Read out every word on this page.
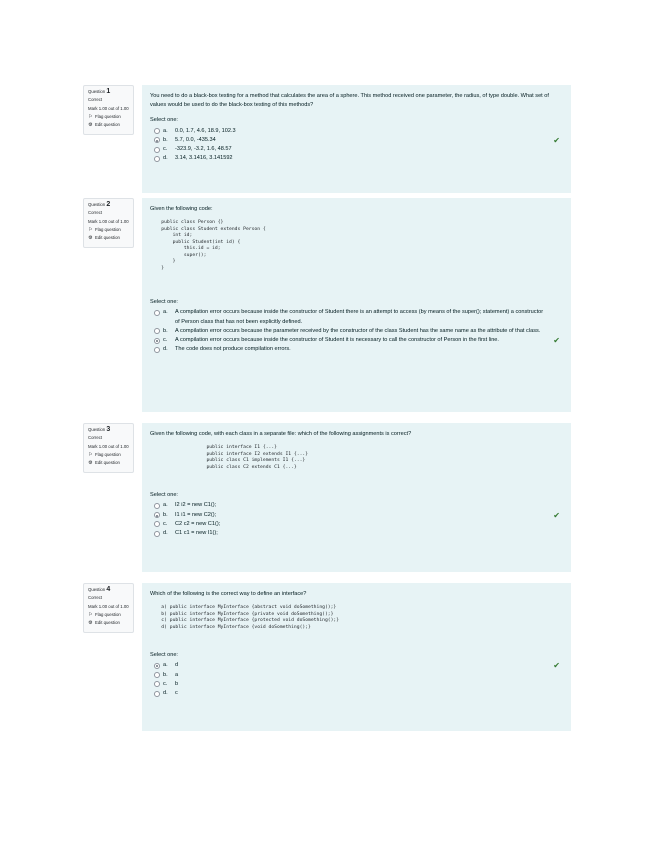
Question 1
Correct
Mark 1.00 out of 1.00
⚐ Flag question
⚙ Edit question
You need to do a black-box testing for a method that calculates the area of a sphere. This method received one parameter, the radius, of type double. What set of values would be used to do the black-box testing of this methods?
Select one:
a.	0.0, 1.7, 4.6, 18.9, 102.3
b.	5.7, 0.0, -435.34	✔
c.	-323.9, -3.2, 1.6, 48.57
d.	3.14, 3.1416, 3.141592
Question 2
Correct
Mark 1.00 out of 1.00
⚐ Flag question
⚙ Edit question
Given the following code:
public class Person {}
public class Student extends Person {
int id;
public Student(int id) {
this.id = id;
super();
}
}
Select one:
a.	A compilation error occurs because inside the constructor of Student there is an attempt to access (by means of the super(); statement) a constructor of Person class that has not been explicitly defined.
b.	A compilation error occurs because the parameter received by the constructor of the class Student has the same name as the attribute of that class.
c.	A compilation error occurs because inside the constructor of Student it is necessary to call the constructor of Person in the first line.	✔
d.	The code does not produce compilation errors.
Question 3
Correct
Mark 1.00 out of 1.00
⚐ Flag question
⚙ Edit question
Given the following code, with each class in a separate file: which of the following assignments is correct?
public interface I1 {...}
public interface I2 extends I1 {...}
public class C1 implements I1 {...}
public class C2 extends C1 {...}
Select one:
a.	I2 i2 = new C1();
b.	I1 i1 = new C2();	✔
c.	C2 c2 = new C1();
d.	C1 c1 = new I1();
Question 4
Correct
Mark 1.00 out of 1.00
⚐ Flag question
⚙ Edit question
Which of the following is the correct way to define an interface?
a) public interface MyInterface {abstract void doSomething();}
b) public interface MyInterface {private void doSomething();}
c) public interface MyInterface {protected void doSomething();}
d) public interface MyInterface {void doSomething();}
Select one:
a.	d	✔
b.	a
c.	b
d.	c
